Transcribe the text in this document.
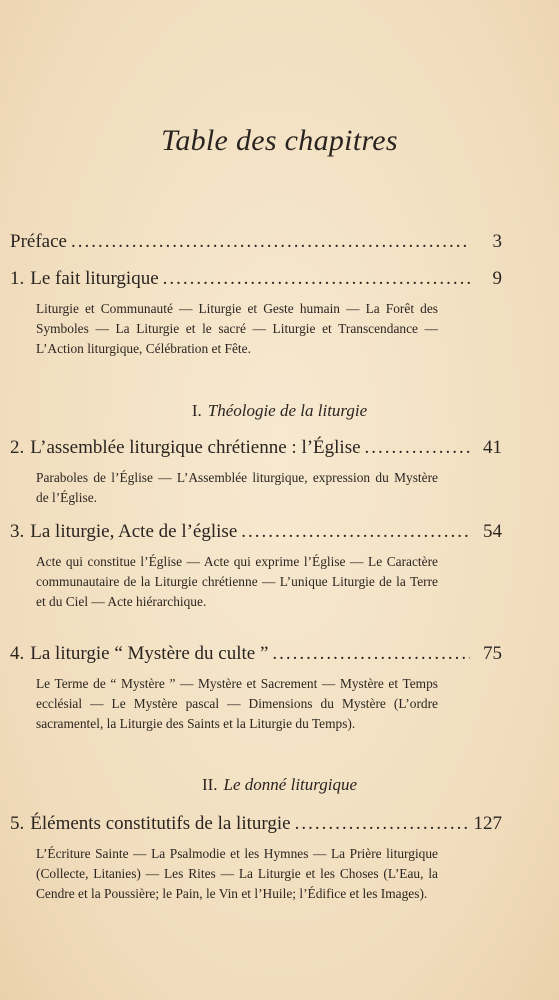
Table des chapitres
Préface .....	3
1. Le fait liturgique .....	9
Liturgie et Communauté — Liturgie et Geste humain — La Forêt des Symboles — La Liturgie et le sacré — Liturgie et Transcendance — L’Action liturgique, Célébration et Fête.
I. Théologie de la liturgie
2. L’assemblée liturgique chrétienne : l’Église .....	41
Paraboles de l’Église — L’Assemblée liturgique, expression du Mystère de l’Église.
3. La liturgie, Acte de l’église .....	54
Acte qui constitue l’Église — Acte qui exprime l’Église — Le Caractère communautaire de la Liturgie chrétienne — L’unique Liturgie de la Terre et du Ciel — Acte hiérarchique.
4. La liturgie “ Mystère du culte ” .....	75
Le Terme de “ Mystère ” — Mystère et Sacrement — Mystère et Temps ecclésial — Le Mystère pascal — Dimensions du Mystère (L’ordre sacramentel, la Liturgie des Saints et la Liturgie du Temps).
II. Le donné liturgique
5. Éléments constitutifs de la liturgie .....	127
L’Écriture Sainte — La Psalmodie et les Hymnes — La Prière liturgique (Collecte, Litanies) — Les Rites — La Liturgie et les Choses (L’Eau, la Cendre et la Poussière; le Pain, le Vin et l’Huile; l’Édifice et les Images).
